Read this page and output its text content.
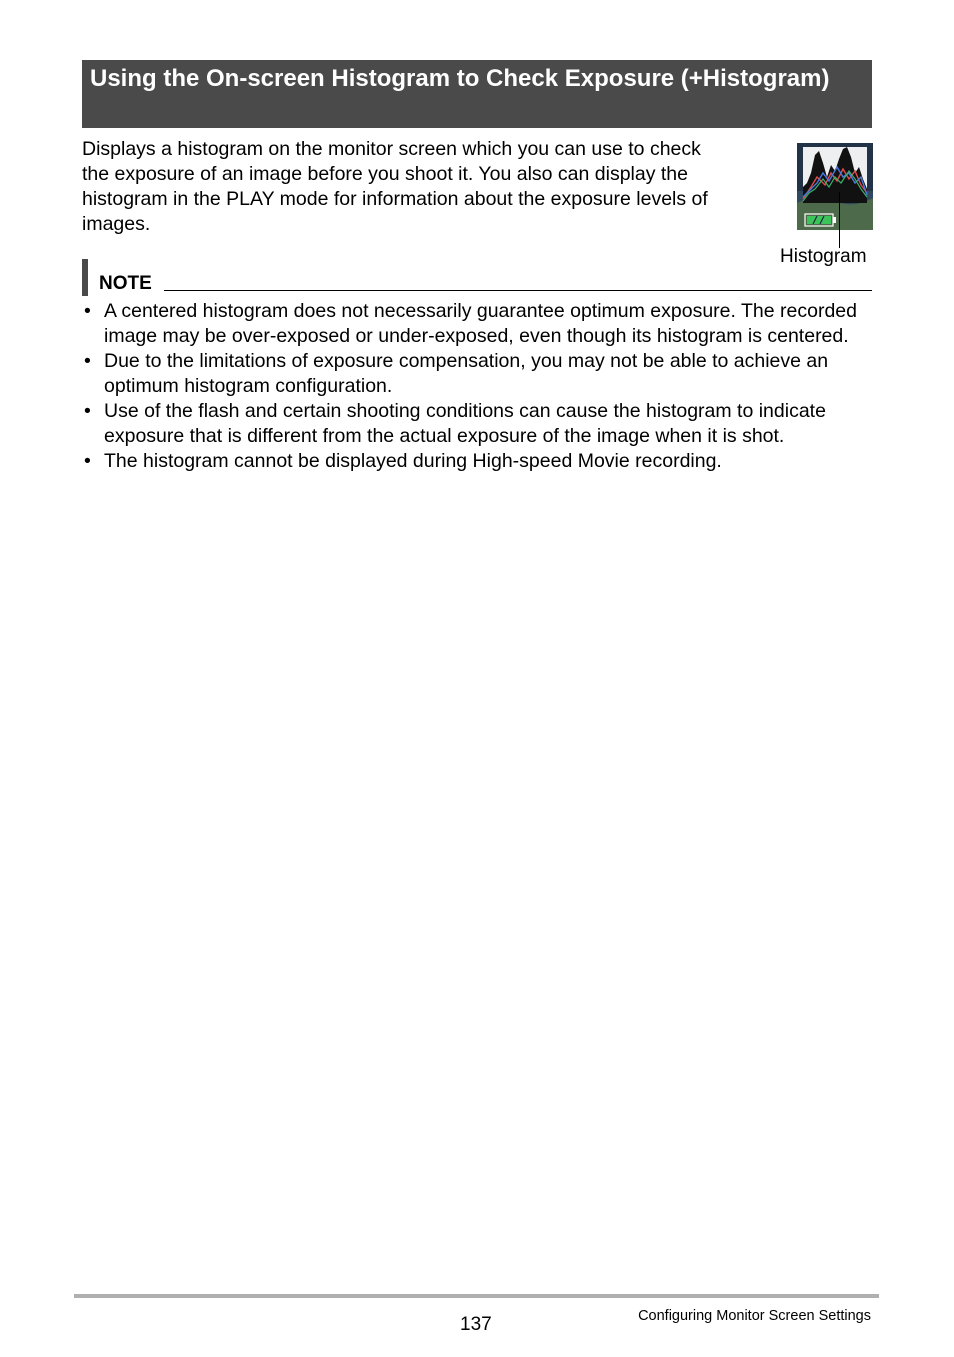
Using the On-screen Histogram to Check Exposure (+Histogram)

Displays a histogram on the monitor screen which you can use to check the exposure of an image before you shoot it. You also can display the histogram in the PLAY mode for information about the exposure levels of images.

Histogram
NOTE
• A centered histogram does not necessarily guarantee optimum exposure. The recorded image may be over-exposed or under-exposed, even though its histogram is centered.
• Due to the limitations of exposure compensation, you may not be able to achieve an optimum histogram configuration.
• Use of the flash and certain shooting conditions can cause the histogram to indicate exposure that is different from the actual exposure of the image when it is shot.
• The histogram cannot be displayed during High-speed Movie recording.
137	Configuring Monitor Screen Settings
